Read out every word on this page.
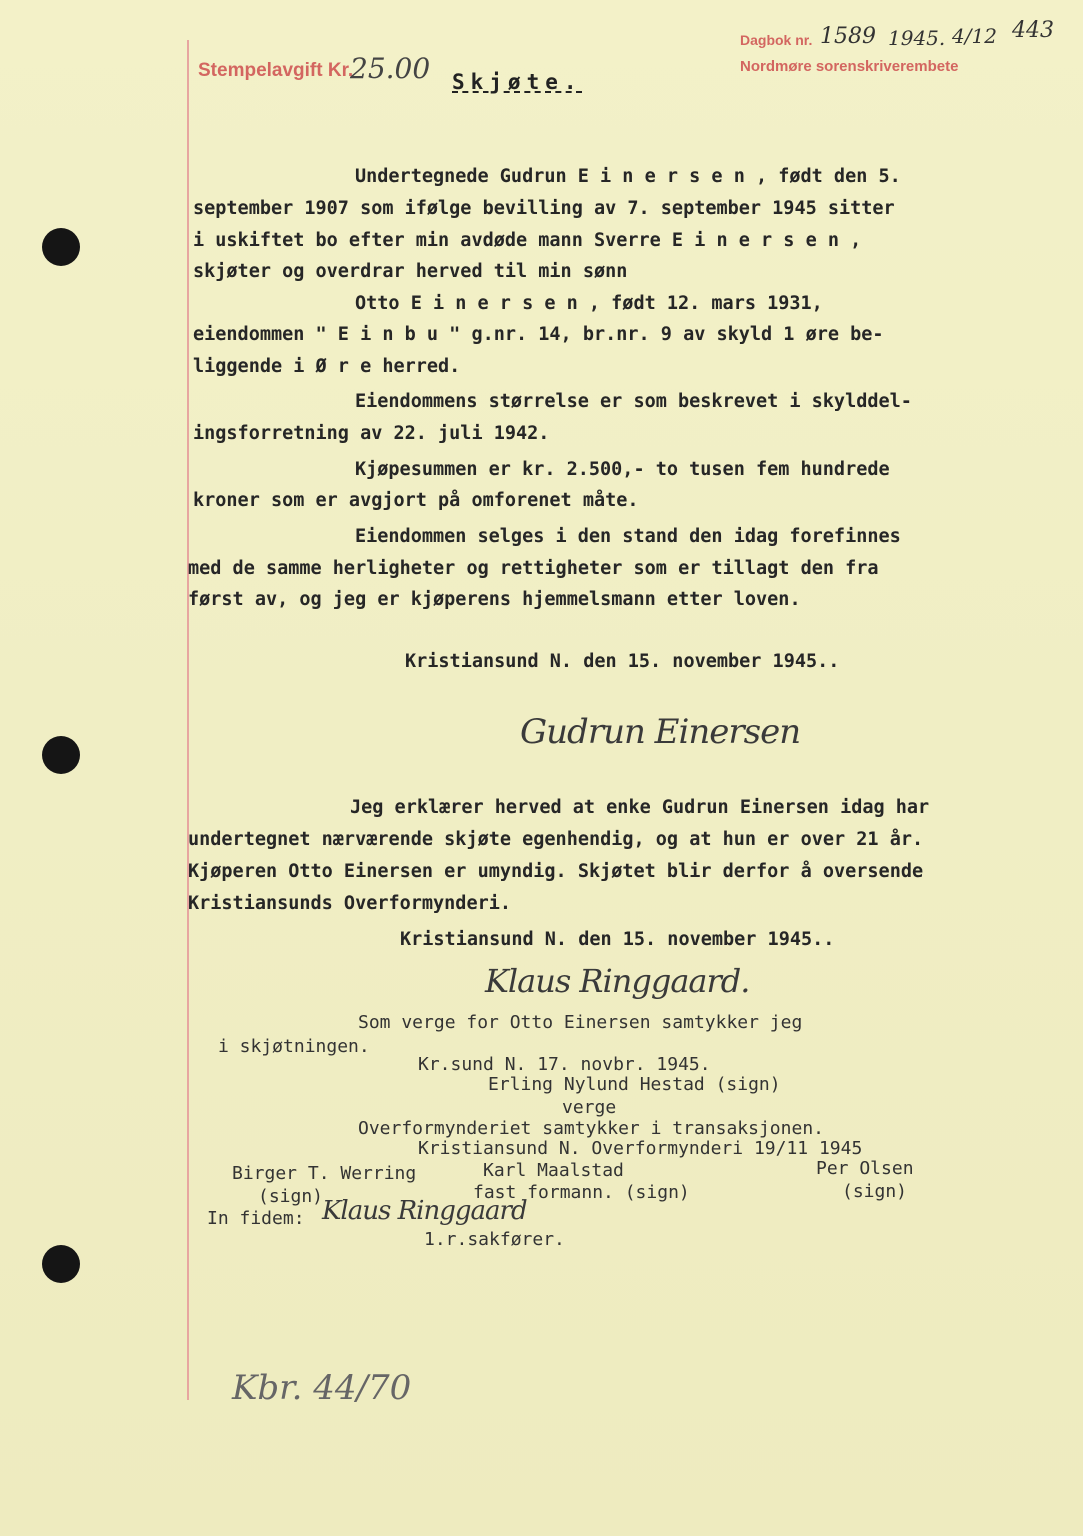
Stempelavgift Kr.
25.00
Dagbok nr. 1589 1945. 4/12 443
Nordmøre sorenskriverembete
Skjøte.
Undertegnede Gudrun E i n e r s e n , født den 5.
september 1907 som ifølge bevilling av 7. september 1945 sitter
i uskiftet bo efter min avdøde mann Sverre E i n e r s e n ,
skjøter og overdrar herved til min sønn
Otto E i n e r s e n , født 12. mars 1931,
eiendommen " E i n b u " g.nr. 14, br.nr. 9 av skyld 1 øre be-
liggende i Ø r e herred.
Eiendommens størrelse er som beskrevet i skylddel-
ingsforretning av 22. juli 1942.
Kjøpesummen er kr. 2.500,- to tusen fem hundrede
kroner som er avgjort på omforenet måte.
Eiendommen selges i den stand den idag forefinnes
med de samme herligheter og rettigheter som er tillagt den fra
først av, og jeg er kjøperens hjemmelsmann etter loven.
Kristiansund N. den 15. november 1945..
Gudrun Einersen
Jeg erklærer herved at enke Gudrun Einersen idag har
undertegnet nærværende skjøte egenhendig, og at hun er over 21 år.
Kjøperen Otto Einersen er umyndig. Skjøtet blir derfor å oversende
Kristiansunds Overformynderi.
Kristiansund N. den 15. november 1945..
Klaus Ringgaard.
Som verge for Otto Einersen samtykker jeg
i skjøtningen.
Kr.sund N. 17. novbr. 1945.
Erling Nylund Hestad (sign)
verge
Overformynderiet samtykker i transaksjonen.
Kristiansund N. Overformynderi 19/11 1945
Birger T. Werring
(sign)
Karl Maalstad
fast formann. (sign)
Per Olsen
(sign)
In fidem: Klaus Ringgaard
1.r.sakfører.
Kbr. 44/70
